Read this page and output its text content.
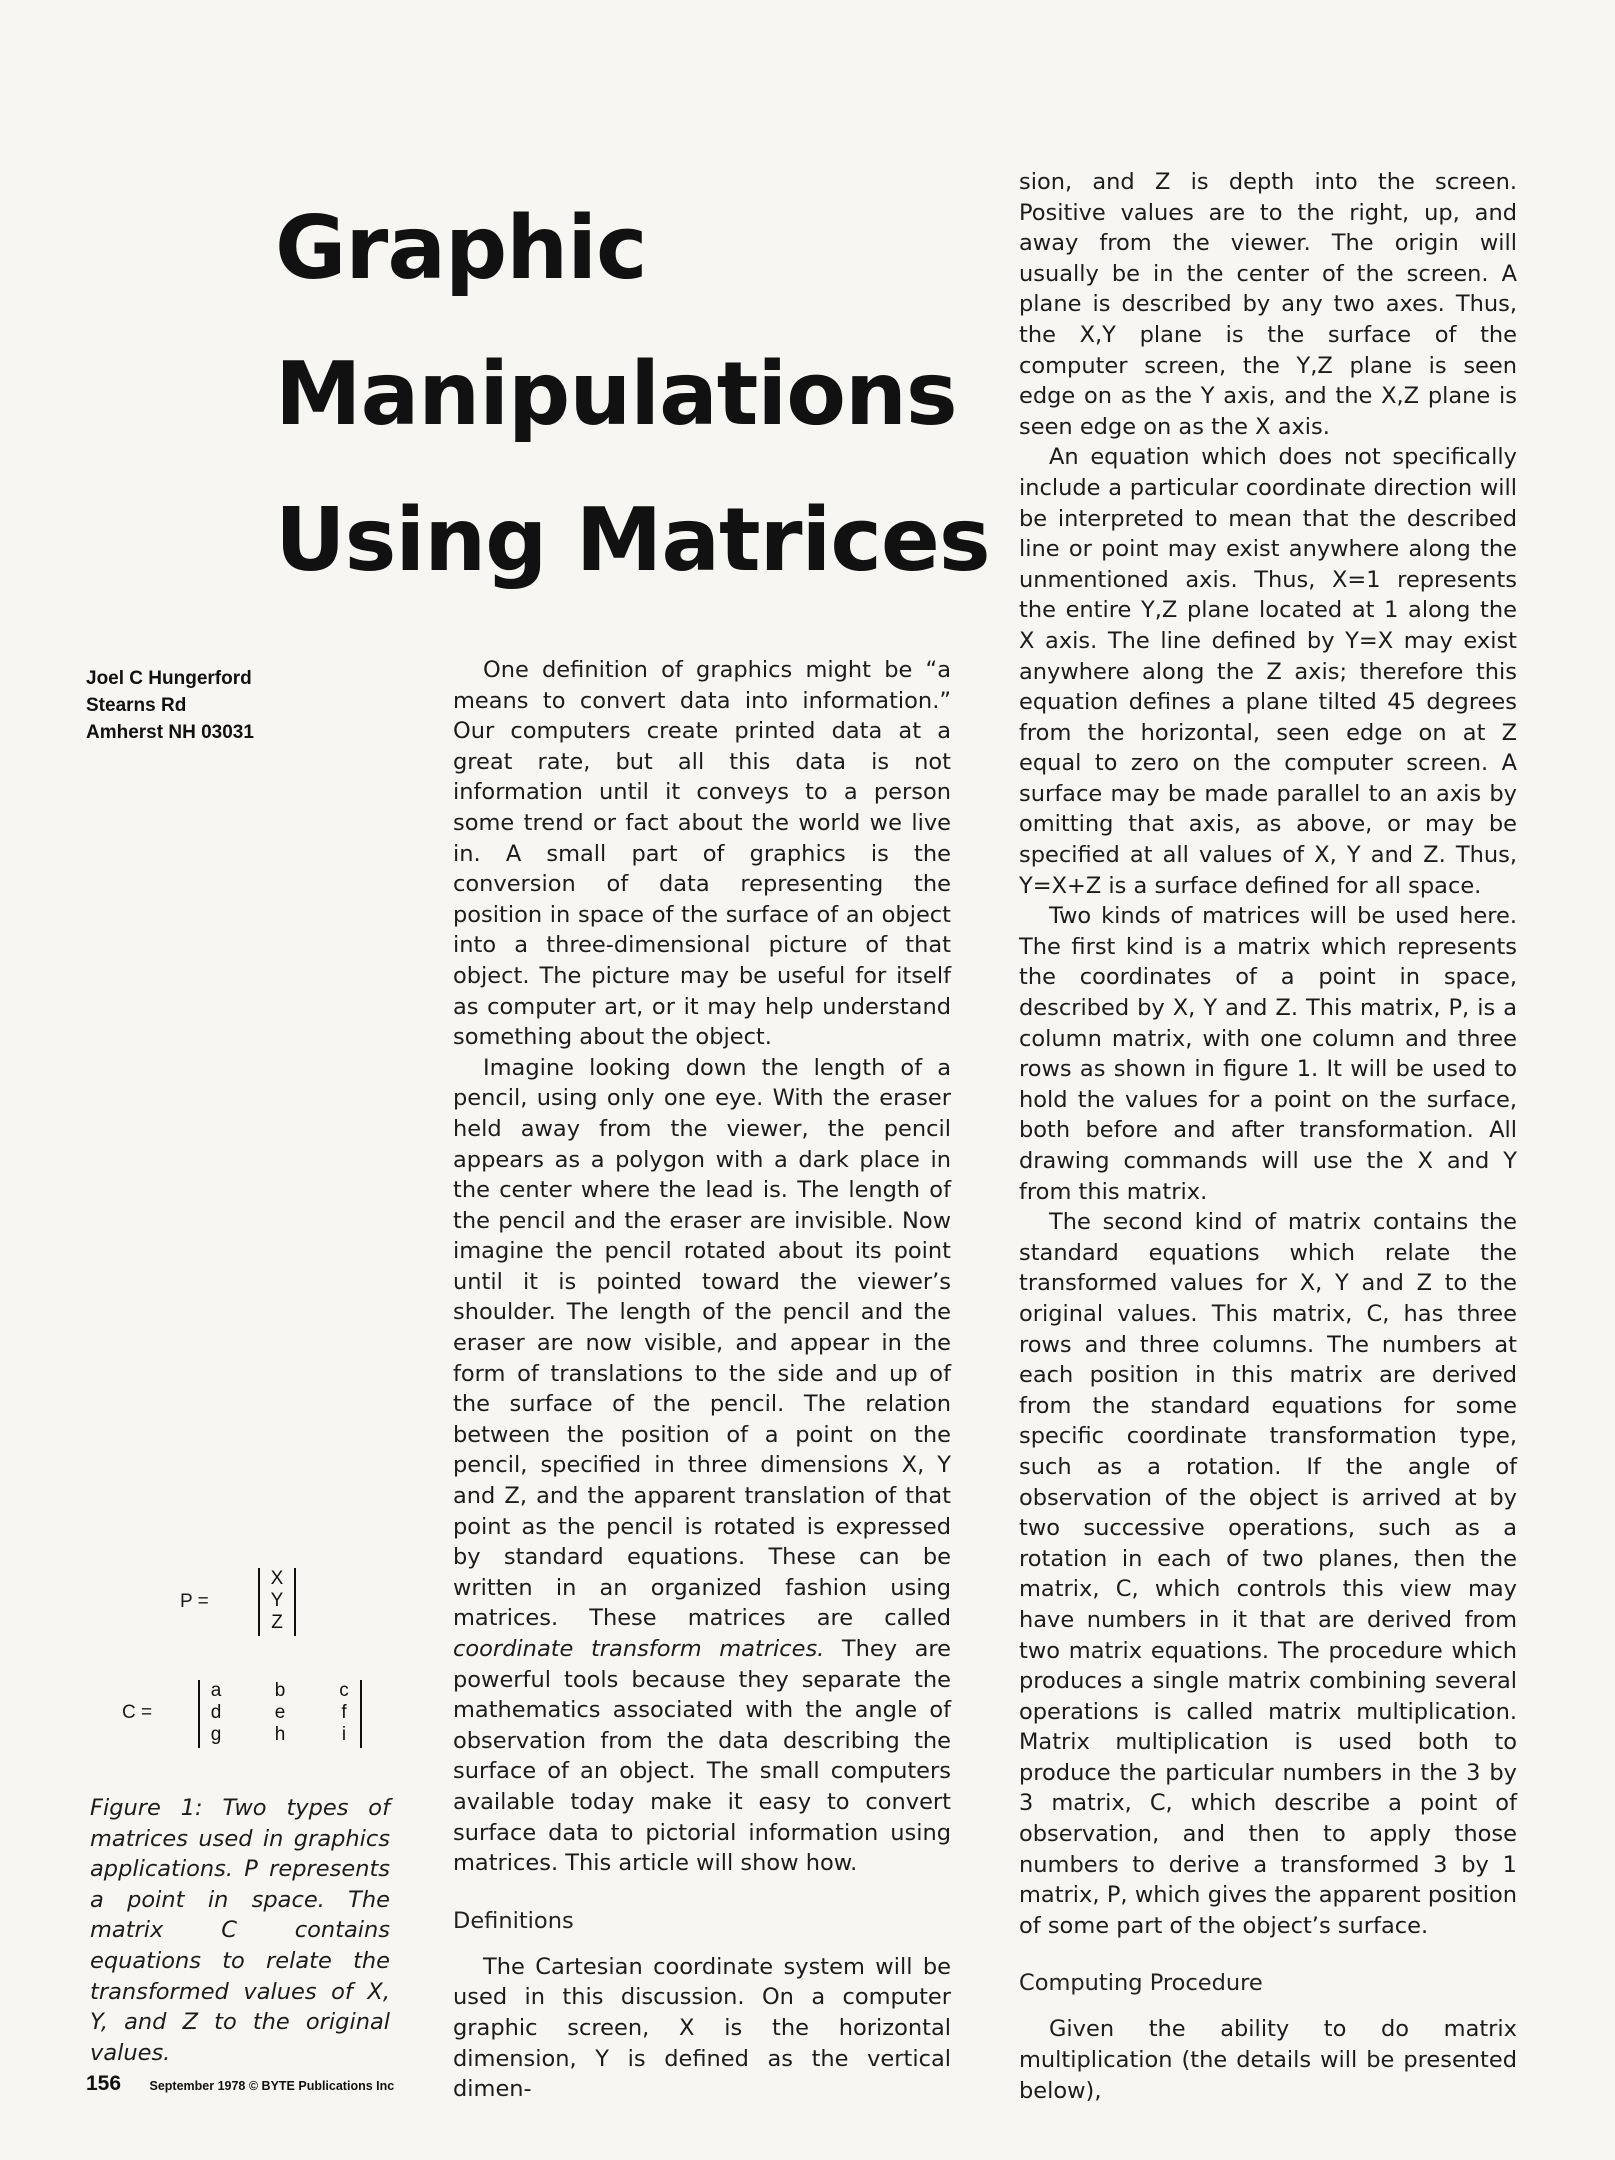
Graphic
Manipulations
Using Matrices
Joel C Hungerford
Stearns Rd
Amherst NH 03031

One definition of graphics might be “a means to convert data into information.” Our computers create printed data at a great rate, but all this data is not information until it conveys to a person some trend or fact about the world we live in. A small part of graphics is the conversion of data representing the position in space of the surface of an object into a three-dimensional picture of that object. The picture may be useful for itself as computer art, or it may help understand something about the object.

Imagine looking down the length of a pencil, using only one eye. With the eraser held away from the viewer, the pencil appears as a polygon with a dark place in the center where the lead is. The length of the pencil and the eraser are invisible. Now imagine the pencil rotated about its point until it is pointed toward the viewer’s shoulder. The length of the pencil and the eraser are now visible, and appear in the form of translations to the side and up of the surface of the pencil. The relation between the position of a point on the pencil, specified in three dimensions X, Y and Z, and the apparent translation of that point as the pencil is rotated is expressed by standard equations. These can be written in an organized fashion using matrices. These matrices are called coordinate transform matrices. They are powerful tools because they separate the mathematics associated with the angle of observation from the data describing the surface of an object. The small computers available today make it easy to convert surface data to pictorial information using matrices. This article will show how.

Definitions

The Cartesian coordinate system will be used in this discussion. On a computer graphic screen, X is the horizontal dimension, Y is defined as the vertical dimen-

sion, and Z is depth into the screen. Positive values are to the right, up, and away from the viewer. The origin will usually be in the center of the screen. A plane is described by any two axes. Thus, the X,Y plane is the surface of the computer screen, the Y,Z plane is seen edge on as the Y axis, and the X,Z plane is seen edge on as the X axis.

An equation which does not specifically include a particular coordinate direction will be interpreted to mean that the described line or point may exist anywhere along the unmentioned axis. Thus, X=1 represents the entire Y,Z plane located at 1 along the X axis. The line defined by Y=X may exist anywhere along the Z axis; therefore this equation defines a plane tilted 45 degrees from the horizontal, seen edge on at Z equal to zero on the computer screen. A surface may be made parallel to an axis by omitting that axis, as above, or may be specified at all values of X, Y and Z. Thus, Y=X+Z is a surface defined for all space.

Two kinds of matrices will be used here. The first kind is a matrix which represents the coordinates of a point in space, described by X, Y and Z. This matrix, P, is a column matrix, with one column and three rows as shown in figure 1. It will be used to hold the values for a point on the surface, both before and after transformation. All drawing commands will use the X and Y from this matrix.

The second kind of matrix contains the standard equations which relate the transformed values for X, Y and Z to the original values. This matrix, C, has three rows and three columns. The numbers at each position in this matrix are derived from the standard equations for some specific coordinate transformation type, such as a rotation. If the angle of observation of the object is arrived at by two successive operations, such as a rotation in each of two planes, then the matrix, C, which controls this view may have numbers in it that are derived from two matrix equations. The procedure which produces a single matrix combining several operations is called matrix multiplication. Matrix multiplication is used both to produce the particular numbers in the 3 by 3 matrix, C, which describe a point of observation, and then to apply those numbers to derive a transformed 3 by 1 matrix, P, which gives the apparent position of some part of the object’s surface.

Computing Procedure

Given the ability to do matrix multiplication (the details will be presented below),

P =
X
Y
Z
C =
a	b	c
d	e	f
g	h	i
Figure 1: Two types of matrices used in graphics applications. P represents a point in space. The matrix C contains equations to relate the transformed values of X, Y, and Z to the original values.
156 September 1978 © BYTE Publications Inc
